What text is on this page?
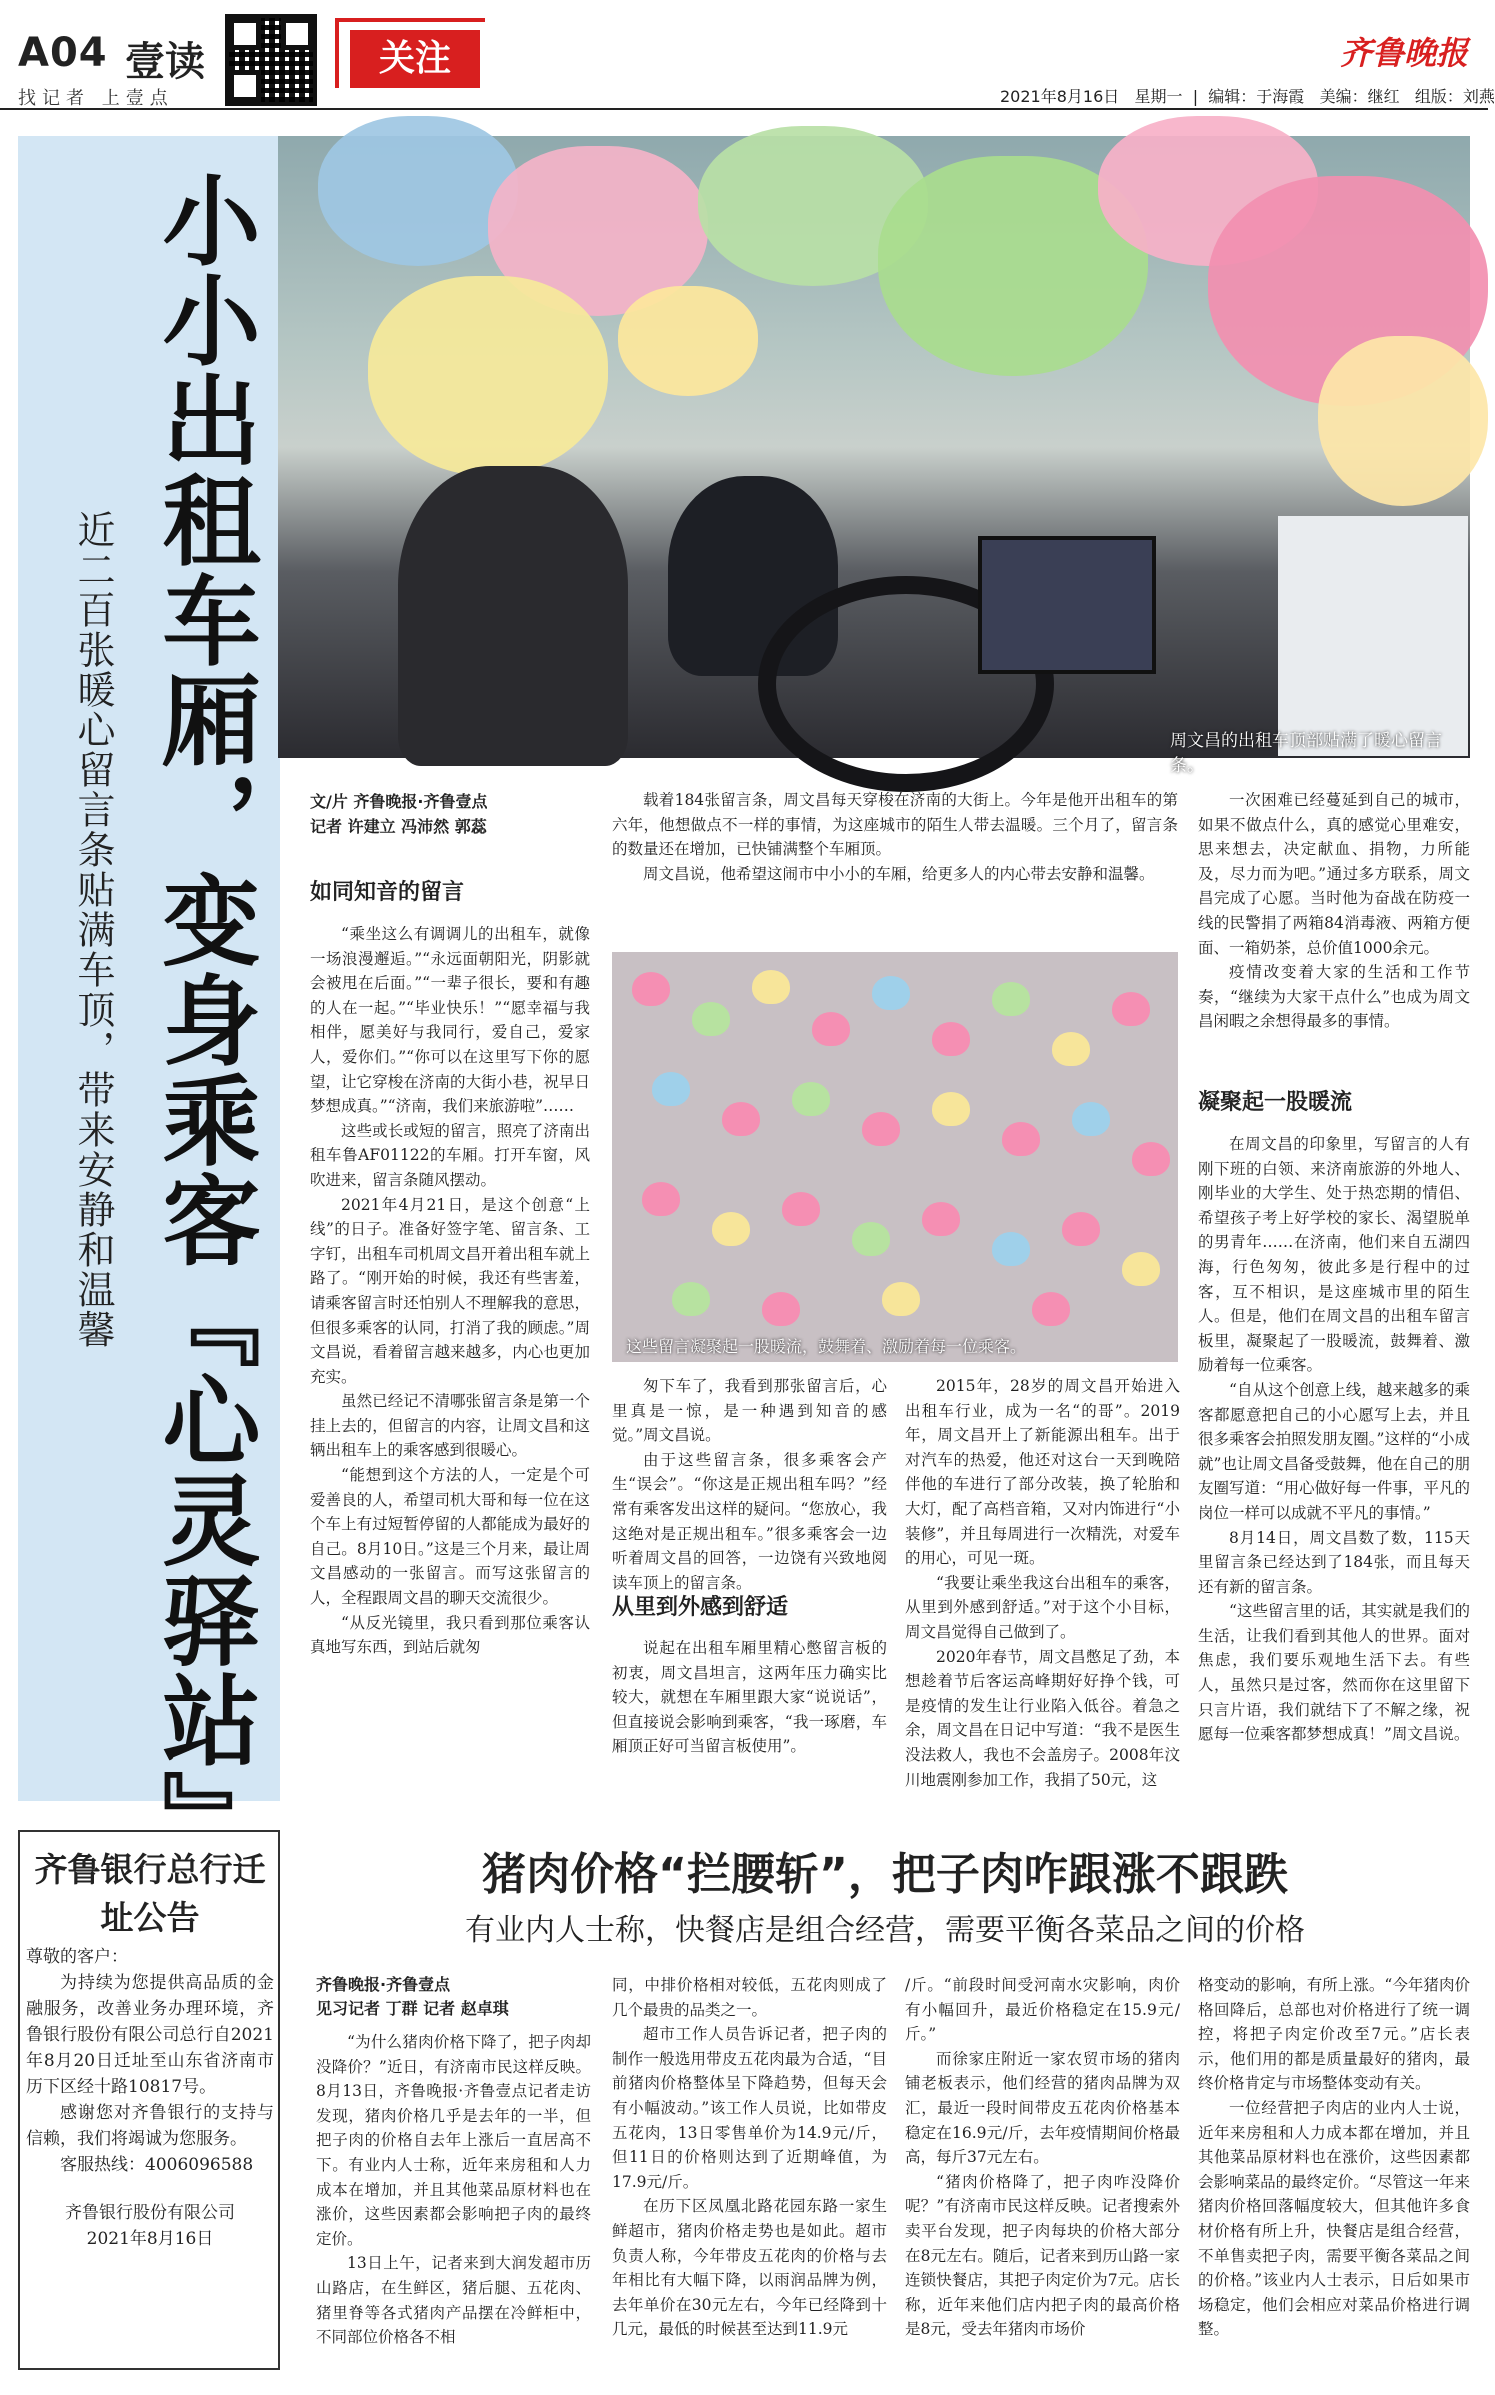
A04 壹读
找记者 上壹点
关注	齐鲁晚报
2021年8月16日 星期一  |  编辑：于海霞 美编：继红 组版：刘燕
小小出租车厢，变身乘客『心灵驿站』
近二百张暖心留言条贴满车顶，带来安静和温馨	周文昌的出租车顶部贴满了暖心留言条。
文/片 齐鲁晚报·齐鲁壹点
记者 许建立 冯沛然 郭蕊
如同知音的留言

“乘坐这么有调调儿的出租车，就像一场浪漫邂逅。”“永远面朝阳光，阴影就会被甩在后面。”“一辈子很长，要和有趣的人在一起。”“毕业快乐！”“愿幸福与我相伴，愿美好与我同行，爱自己，爱家人，爱你们。”“你可以在这里写下你的愿望，让它穿梭在济南的大街小巷，祝早日梦想成真。”“济南，我们来旅游啦”……

这些或长或短的留言，照亮了济南出租车鲁AF01122的车厢。打开车窗，风吹进来，留言条随风摆动。

2021年4月21日，是这个创意“上线”的日子。准备好签字笔、留言条、工字钉，出租车司机周文昌开着出租车就上路了。“刚开始的时候，我还有些害羞，请乘客留言时还怕别人不理解我的意思，但很多乘客的认同，打消了我的顾虑。”周文昌说，看着留言越来越多，内心也更加充实。

虽然已经记不清哪张留言条是第一个挂上去的，但留言的内容，让周文昌和这辆出租车上的乘客感到很暖心。

“能想到这个方法的人，一定是个可爱善良的人，希望司机大哥和每一位在这个车上有过短暂停留的人都能成为最好的自己。8月10日。”这是三个月来，最让周文昌感动的一张留言。而写这张留言的人，全程跟周文昌的聊天交流很少。

“从反光镜里，我只看到那位乘客认真地写东西，到站后就匆

载着184张留言条，周文昌每天穿梭在济南的大街上。今年是他开出租车的第六年，他想做点不一样的事情，为这座城市的陌生人带去温暖。三个月了，留言条的数量还在增加，已快铺满整个车厢顶。

周文昌说，他希望这闹市中小小的车厢，给更多人的内心带去安静和温馨。

这些留言凝聚起一股暖流，鼓舞着、激励着每一位乘客。

匆下车了，我看到那张留言后，心里真是一惊，是一种遇到知音的感觉。”周文昌说。

由于这些留言条，很多乘客会产生“误会”。“你这是正规出租车吗？”经常有乘客发出这样的疑问。“您放心，我这绝对是正规出租车。”很多乘客会一边听着周文昌的回答，一边饶有兴致地阅读车顶上的留言条。

从里到外感到舒适

说起在出租车厢里精心憋留言板的初衷，周文昌坦言，这两年压力确实比较大，就想在车厢里跟大家“说说话”，但直接说会影响到乘客，“我一琢磨，车厢顶正好可当留言板使用”。

2015年，28岁的周文昌开始进入出租车行业，成为一名“的哥”。2019年，周文昌开上了新能源出租车。出于对汽车的热爱，他还对这台一天到晚陪伴他的车进行了部分改装，换了轮胎和大灯，配了高档音箱，又对内饰进行“小装修”，并且每周进行一次精洗，对爱车的用心，可见一斑。

“我要让乘坐我这台出租车的乘客，从里到外感到舒适。”对于这个小目标，周文昌觉得自己做到了。

2020年春节，周文昌憋足了劲，本想趁着节后客运高峰期好好挣个钱，可是疫情的发生让行业陷入低谷。着急之余，周文昌在日记中写道：“我不是医生没法救人，我也不会盖房子。2008年汶川地震刚参加工作，我捐了50元，这

一次困难已经蔓延到自己的城市，如果不做点什么，真的感觉心里难安，思来想去，决定献血、捐物，力所能及，尽力而为吧。”通过多方联系，周文昌完成了心愿。当时他为奋战在防疫一线的民警捐了两箱84消毒液、两箱方便面、一箱奶茶，总价值1000余元。

疫情改变着大家的生活和工作节奏，“继续为大家干点什么”也成为周文昌闲暇之余想得最多的事情。

凝聚起一股暖流

在周文昌的印象里，写留言的人有刚下班的白领、来济南旅游的外地人、刚毕业的大学生、处于热恋期的情侣、希望孩子考上好学校的家长、渴望脱单的男青年……在济南，他们来自五湖四海，行色匆匆，彼此多是行程中的过客，互不相识，是这座城市里的陌生人。但是，他们在周文昌的出租车留言板里，凝聚起了一股暖流，鼓舞着、激励着每一位乘客。

“自从这个创意上线，越来越多的乘客都愿意把自己的小心愿写上去，并且很多乘客会拍照发朋友圈。”这样的“小成就”也让周文昌备受鼓舞，他在自己的朋友圈写道：“用心做好每一件事，平凡的岗位一样可以成就不平凡的事情。”

8月14日，周文昌数了数，115天里留言条已经达到了184张，而且每天还有新的留言条。

“这些留言里的话，其实就是我们的生活，让我们看到其他人的世界。面对焦虑，我们要乐观地生活下去。有些人，虽然只是过客，然而你在这里留下只言片语，我们就结下了不解之缘，祝愿每一位乘客都梦想成真！”周文昌说。

齐鲁银行总行迁址公告
尊敬的客户：

为持续为您提供高品质的金融服务，改善业务办理环境，齐鲁银行股份有限公司总行自2021年8月20日迁址至山东省济南市历下区经十路10817号。

感谢您对齐鲁银行的支持与信赖，我们将竭诚为您服务。

客服热线：4006096588

齐鲁银行股份有限公司
2021年8月16日
猪肉价格“拦腰斩”，把子肉咋跟涨不跟跌
有业内人士称，快餐店是组合经营，需要平衡各菜品之间的价格
齐鲁晚报·齐鲁壹点
见习记者 丁群 记者 赵卓琪

“为什么猪肉价格下降了，把子肉却没降价？”近日，有济南市民这样反映。8月13日，齐鲁晚报·齐鲁壹点记者走访发现，猪肉价格几乎是去年的一半，但把子肉的价格自去年上涨后一直居高不下。有业内人士称，近年来房租和人力成本在增加，并且其他菜品原材料也在涨价，这些因素都会影响把子肉的最终定价。

13日上午，记者来到大润发超市历山路店，在生鲜区，猪后腿、五花肉、猪里脊等各式猪肉产品摆在冷鲜柜中，不同部位价格各不相

同，中排价格相对较低，五花肉则成了几个最贵的品类之一。

超市工作人员告诉记者，把子肉的制作一般选用带皮五花肉最为合适，“目前猪肉价格整体呈下降趋势，但每天会有小幅波动。”该工作人员说，比如带皮五花肉，13日零售单价为14.9元/斤，但11日的价格则达到了近期峰值，为17.9元/斤。

在历下区凤凰北路花园东路一家生鲜超市，猪肉价格走势也是如此。超市负责人称，今年带皮五花肉的价格与去年相比有大幅下降，以雨润品牌为例，去年单价在30元左右，今年已经降到十几元，最低的时候甚至达到11.9元

/斤。“前段时间受河南水灾影响，肉价有小幅回升，最近价格稳定在15.9元/斤。”

而徐家庄附近一家农贸市场的猪肉铺老板表示，他们经营的猪肉品牌为双汇，最近一段时间带皮五花肉价格基本稳定在16.9元/斤，去年疫情期间价格最高，每斤37元左右。

“猪肉价格降了，把子肉咋没降价呢？”有济南市民这样反映。记者搜索外卖平台发现，把子肉每块的价格大部分在8元左右。随后，记者来到历山路一家连锁快餐店，其把子肉定价为7元。店长称，近年来他们店内把子肉的最高价格是8元，受去年猪肉市场价

格变动的影响，有所上涨。“今年猪肉价格回降后，总部也对价格进行了统一调控，将把子肉定价改至7元。”店长表示，他们用的都是质量最好的猪肉，最终价格肯定与市场整体变动有关。

一位经营把子肉店的业内人士说，近年来房租和人力成本都在增加，并且其他菜品原材料也在涨价，这些因素都会影响菜品的最终定价。“尽管这一年来猪肉价格回落幅度较大，但其他许多食材价格有所上升，快餐店是组合经营，不单售卖把子肉，需要平衡各菜品之间的价格。”该业内人士表示，日后如果市场稳定，他们会相应对菜品价格进行调整。
